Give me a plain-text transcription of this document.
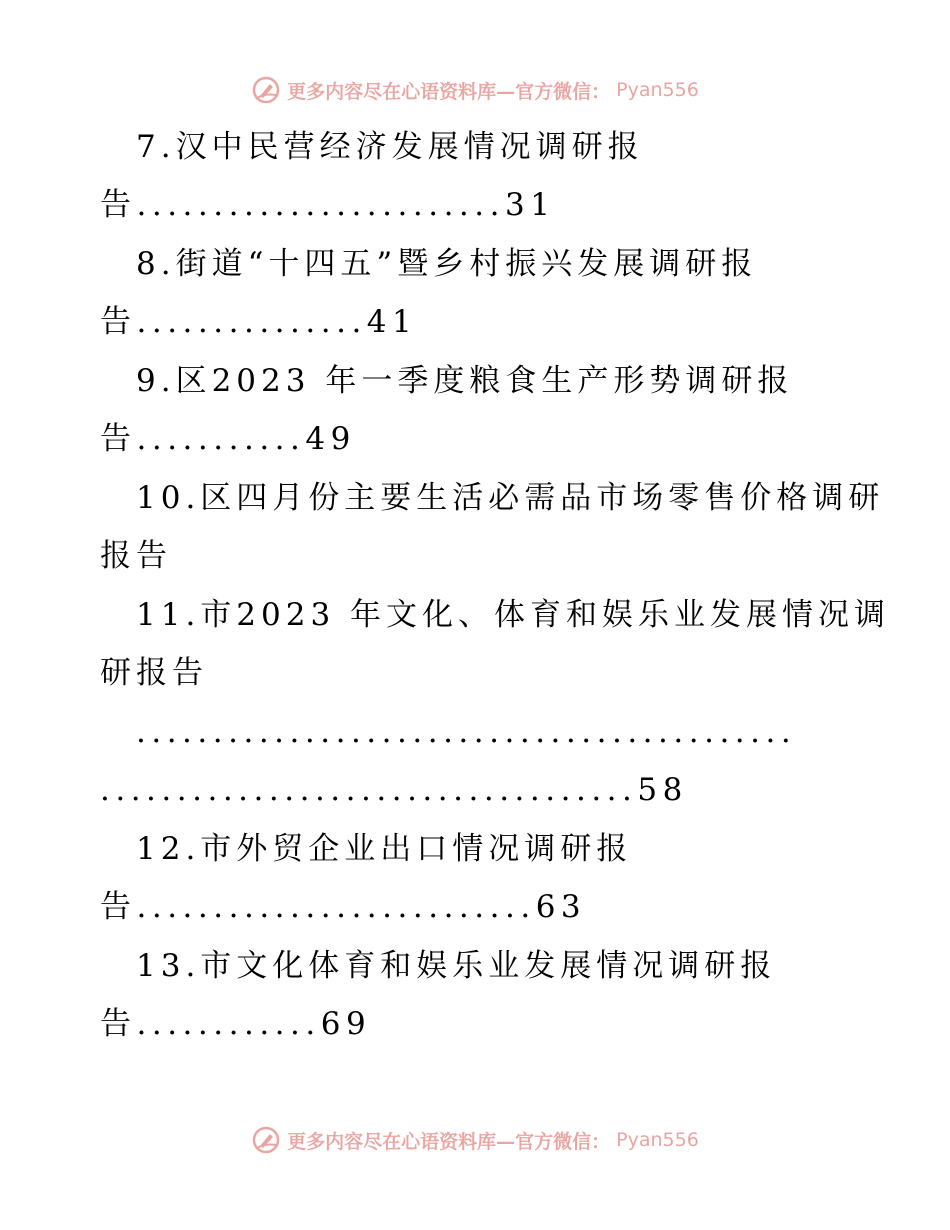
更多内容尽在心语资料库—官方微信： Pyan556
7.汉中民营经济发展情况调研报
告........................31
8.街道“十四五”暨乡村振兴发展调研报
告...............41
9.区2023 年一季度粮食生产形势调研报
告...........49
10.区四月份主要生活必需品市场零售价格调研
报告
11.市2023 年文化、体育和娱乐业发展情况调
研报告
...........................................
...................................58
12.市外贸企业出口情况调研报
告..........................63
13.市文化体育和娱乐业发展情况调研报
告............69
更多内容尽在心语资料库—官方微信： Pyan556
